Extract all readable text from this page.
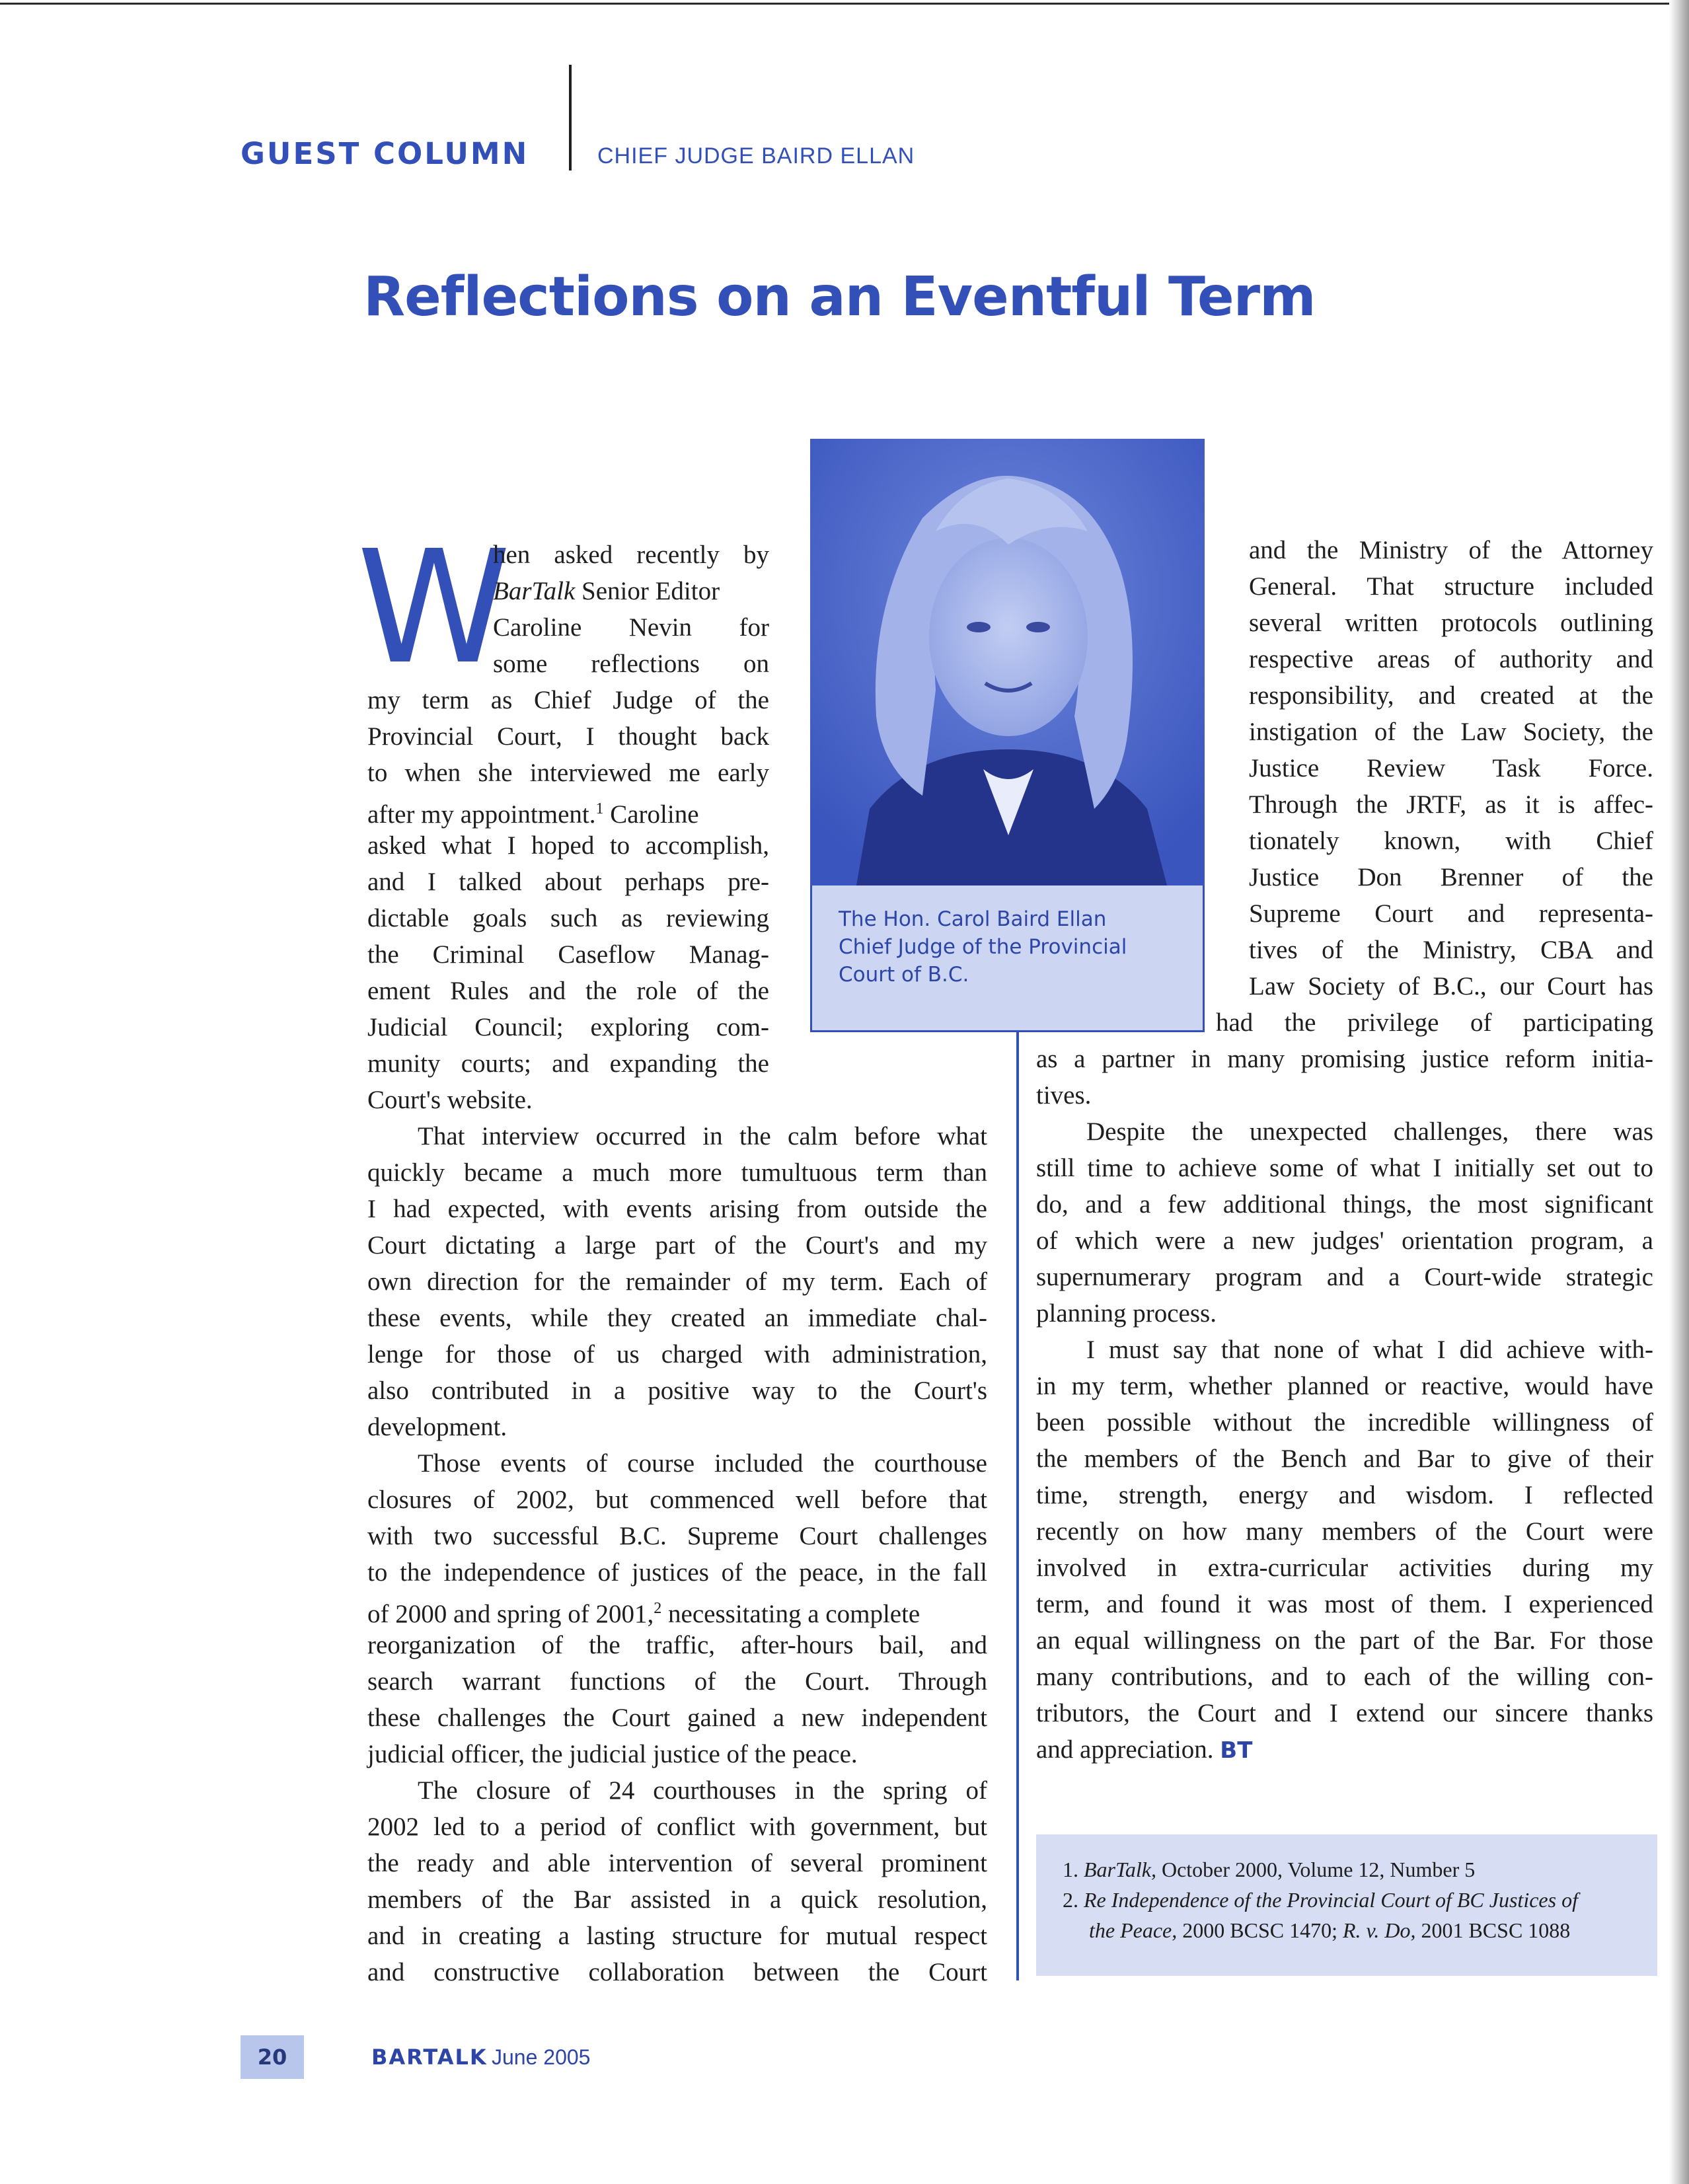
GUEST COLUMN	CHIEF JUDGE BAIRD ELLAN
Reflections on an Eventful Term
The Hon. Carol Baird Ellan
Chief Judge of the Provincial
Court of B.C.
W
hen asked recently by
BarTalk Senior Editor
Caroline Nevin for
some reflections on
my term as Chief Judge of the
Provincial Court, I thought back
to when she interviewed me early
after my appointment.$^1$ Caroline
asked what I hoped to accomplish,
and I talked about perhaps pre-
dictable goals such as reviewing
the Criminal Caseflow Manag-
ement Rules and the role of the
Judicial Council; exploring com-
munity courts; and expanding the
Court's website.
That interview occurred in the calm before what
quickly became a much more tumultuous term than
I had expected, with events arising from outside the
Court dictating a large part of the Court's and my
own direction for the remainder of my term. Each of
these events, while they created an immediate chal-
lenge for those of us charged with administration,
also contributed in a positive way to the Court's
development.
Those events of course included the courthouse
closures of 2002, but commenced well before that
with two successful B.C. Supreme Court challenges
to the independence of justices of the peace, in the fall
of 2000 and spring of 2001,$^2$ necessitating a complete
reorganization of the traffic, after-hours bail, and
search warrant functions of the Court. Through
these challenges the Court gained a new independent
judicial officer, the judicial justice of the peace.
The closure of 24 courthouses in the spring of
2002 led to a period of conflict with government, but
the ready and able intervention of several prominent
members of the Bar assisted in a quick resolution,
and in creating a lasting structure for mutual respect
and constructive collaboration between the Court
and the Ministry of the Attorney
General. That structure included
several written protocols outlining
respective areas of authority and
responsibility, and created at the
instigation of the Law Society, the
Justice Review Task Force.
Through the JRTF, as it is affec-
tionately known, with Chief
Justice Don Brenner of the
Supreme Court and representa-
tives of the Ministry, CBA and
Law Society of B.C., our Court has
had the privilege of participating
as a partner in many promising justice reform initia-
tives.
Despite the unexpected challenges, there was
still time to achieve some of what I initially set out to
do, and a few additional things, the most significant
of which were a new judges' orientation program, a
supernumerary program and a Court-wide strategic
planning process.
I must say that none of what I did achieve with-
in my term, whether planned or reactive, would have
been possible without the incredible willingness of
the members of the Bench and Bar to give of their
time, strength, energy and wisdom. I reflected
recently on how many members of the Court were
involved in extra-curricular activities during my
term, and found it was most of them. I experienced
an equal willingness on the part of the Bar. For those
many contributions, and to each of the willing con-
tributors, the Court and I extend our sincere thanks
and appreciation. BT
1. BarTalk, October 2000, Volume 12, Number 5
2. Re Independence of the Provincial Court of BC Justices of
the Peace, 2000 BCSC 1470; R. v. Do, 2001 BCSC 1088
20	BARTALK June 2005
